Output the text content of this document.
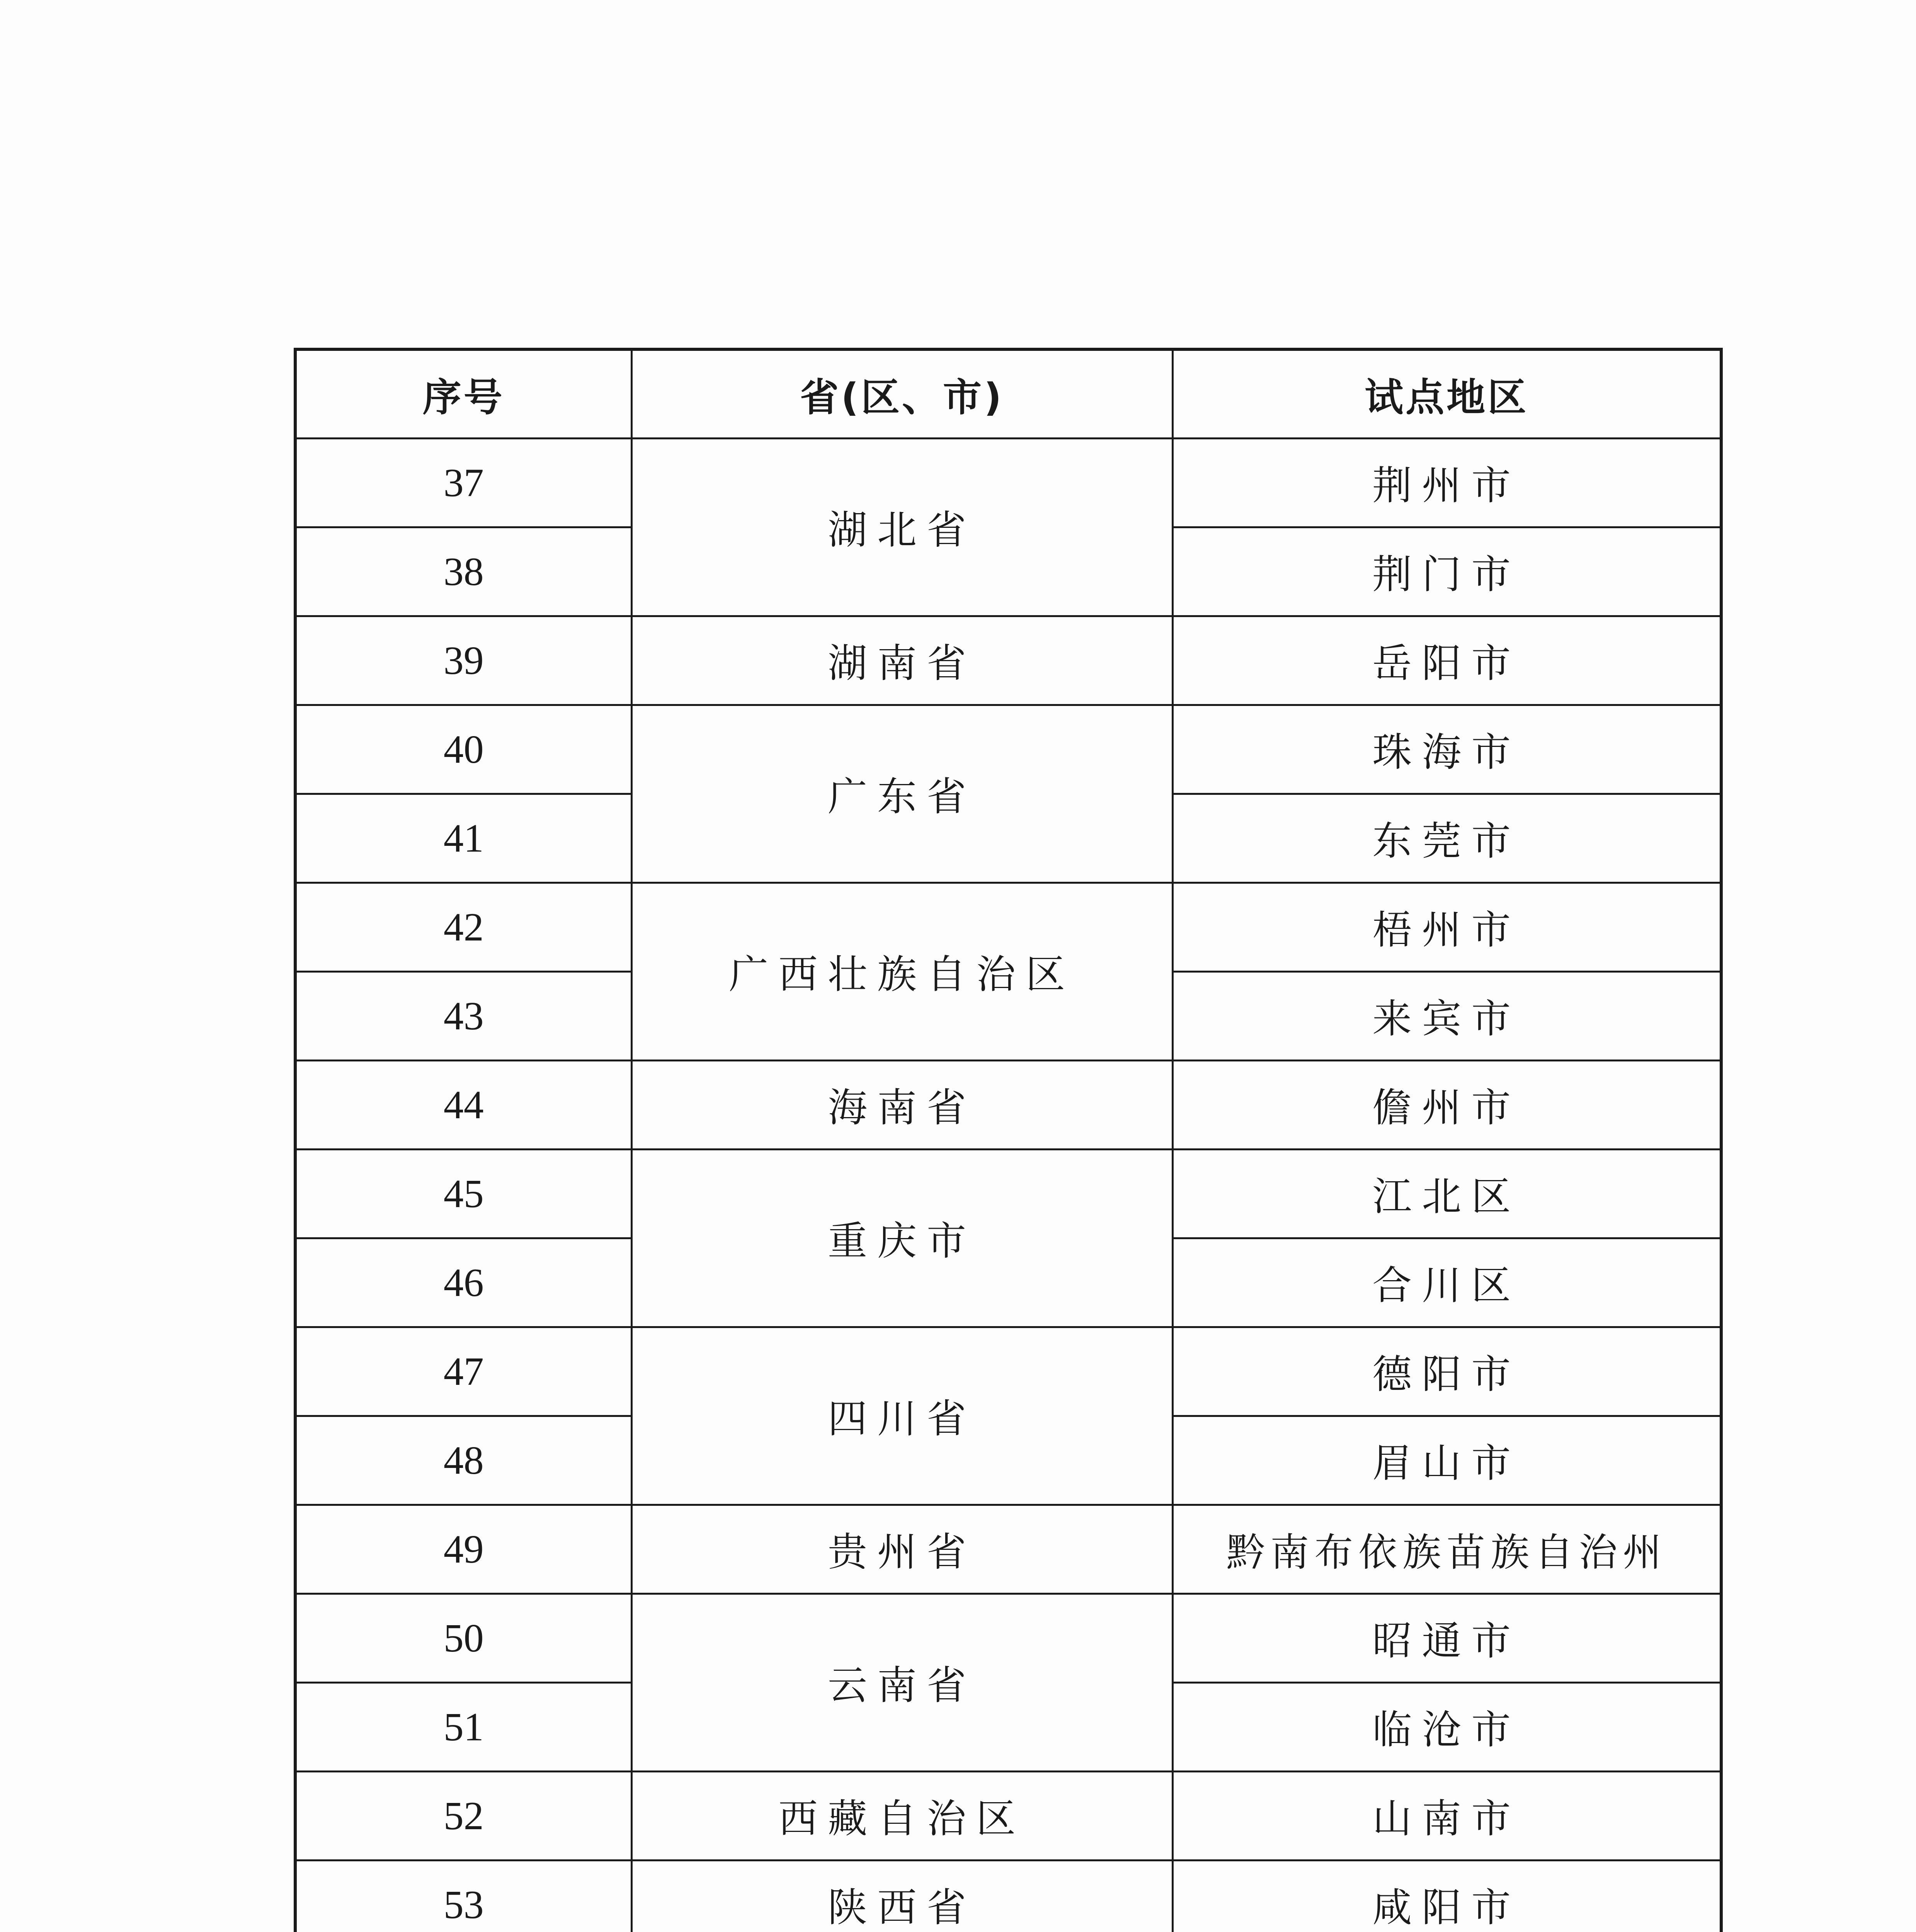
序号	省(区、市)	试点地区
37	湖北省	荆州市
38		荆门市
39	湖南省	岳阳市
40	广东省	珠海市
41		东莞市
42	广西壮族自治区	梧州市
43		来宾市
44	海南省	儋州市
45	重庆市	江北区
46		合川区
47	四川省	德阳市
48		眉山市
49	贵州省	黔南布依族苗族自治州
50	云南省	昭通市
51		临沧市
52	西藏自治区	山南市
53	陕西省	咸阳市
